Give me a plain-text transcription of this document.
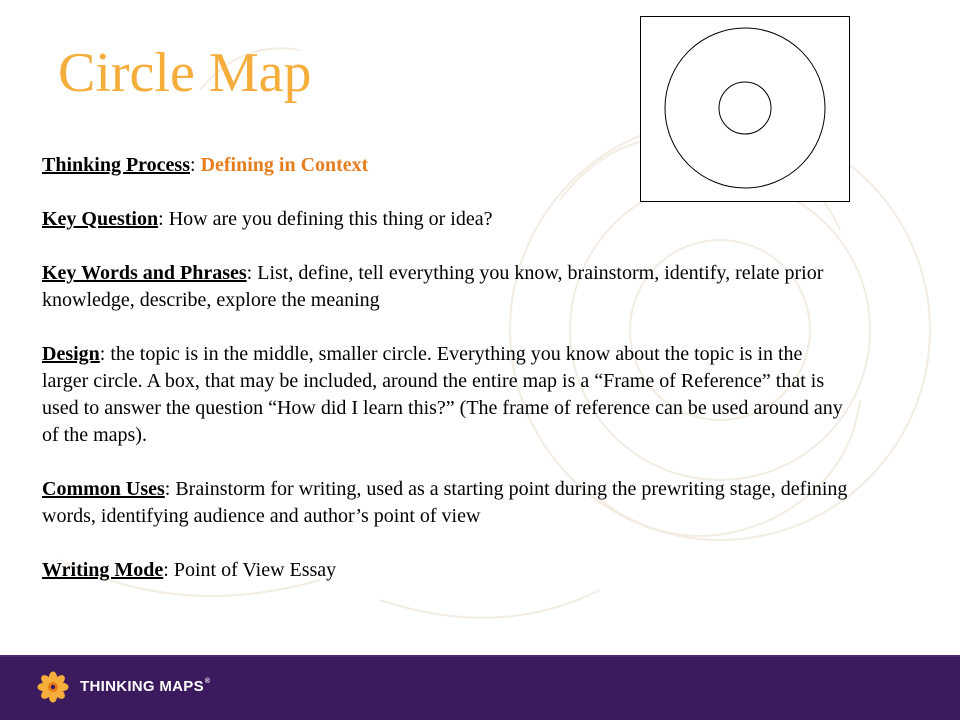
Circle Map

Thinking Process: Defining in Context

Key Question: How are you defining this thing or idea?

Key Words and Phrases: List, define, tell everything you know, brainstorm, identify, relate prior knowledge, describe, explore the meaning

Design: the topic is in the middle, smaller circle. Everything you know about the topic is in the larger circle. A box, that may be included, around the entire map is a “Frame of Reference” that is used to answer the question “How did I learn this?” (The frame of reference can be used around any of the maps).

Common Uses: Brainstorm for writing, used as a starting point during the prewriting stage, defining words, identifying audience and author’s point of view

Writing Mode: Point of View Essay

THINKING MAPS®
